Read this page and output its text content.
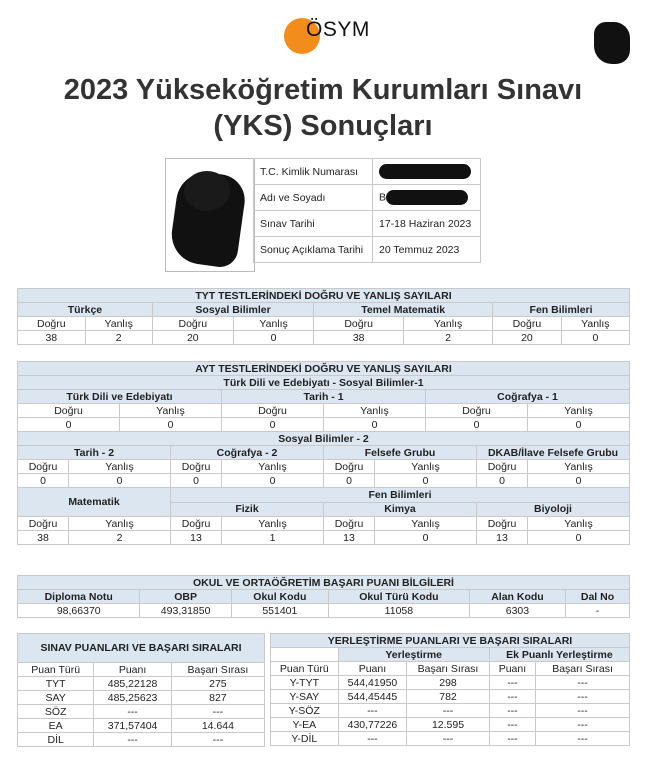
ÖSYM
2023 Yükseköğretim Kurumları Sınavı
(YKS) Sonuçları
T.C. Kimlik Numarası	
Adı ve Soyadı	B
Sınav Tarihi	17-18 Haziran 2023
Sonuç Açıklama Tarihi	20 Temmuz 2023
TYT TESTLERİNDEKİ DOĞRU VE YANLIŞ SAYILARI							
Türkçe		Sosyal Bilimler		Temel Matematik		Fen Bilimleri	
Doğru	Yanlış	Doğru	Yanlış	Doğru	Yanlış	Doğru	Yanlış
38	2	20	0	38	2	20	0
AYT TESTLERİNDEKİ DOĞRU VE YANLIŞ SAYILARI									
Türk Dili ve Edebiyatı - Sosyal Bilimler-1									
Türk Dili ve Edebiyatı				Tarih - 1			Coğrafya - 1		
Doğru		Yanlış		Doğru	Yanlış		Doğru		Yanlış
0		0		0	0		0		0
Sosyal Bilimler - 2									
Tarih - 2			Coğrafya - 2		Felsefe Grubu			DKAB/İlave Felsefe Grubu	
Doğru	Yanlış		Doğru	Yanlış	Doğru	Yanlış		Doğru	Yanlış
0	0		0	0	0	0		0	0
Matematik			Fen Bilimleri						
			Fizik		Kimya			Biyoloji	
Doğru	Yanlış		Doğru	Yanlış	Doğru	Yanlış		Doğru	Yanlış
38	2		13	1	13	0		13	0
OKUL VE ORTAÖĞRETİM BAŞARI PUANI BİLGİLERİ					
Diploma Notu	OBP	Okul Kodu	Okul Türü Kodu	Alan Kodu	Dal No
98,66370	493,31850	551401	11058	6303	-
SINAV PUANLARI VE BAŞARI SIRALARI		
Puan Türü	Puanı	Başarı Sırası
TYT	485,22128	275
SAY	485,25623	827
SÖZ	---	---
EA	371,57404	14.644
DİL	---	---
YERLEŞTİRME PUANLARI VE BAŞARI SIRALARI				
	Yerleştirme		Ek Puanlı Yerleştirme	
Puan Türü	Puanı	Başarı Sırası	Puanı	Başarı Sırası
Y-TYT	544,41950	298	---	---
Y-SAY	544,45445	782	---	---
Y-SÖZ	---	---	---	---
Y-EA	430,77226	12.595	---	---
Y-DİL	---	---	---	---
